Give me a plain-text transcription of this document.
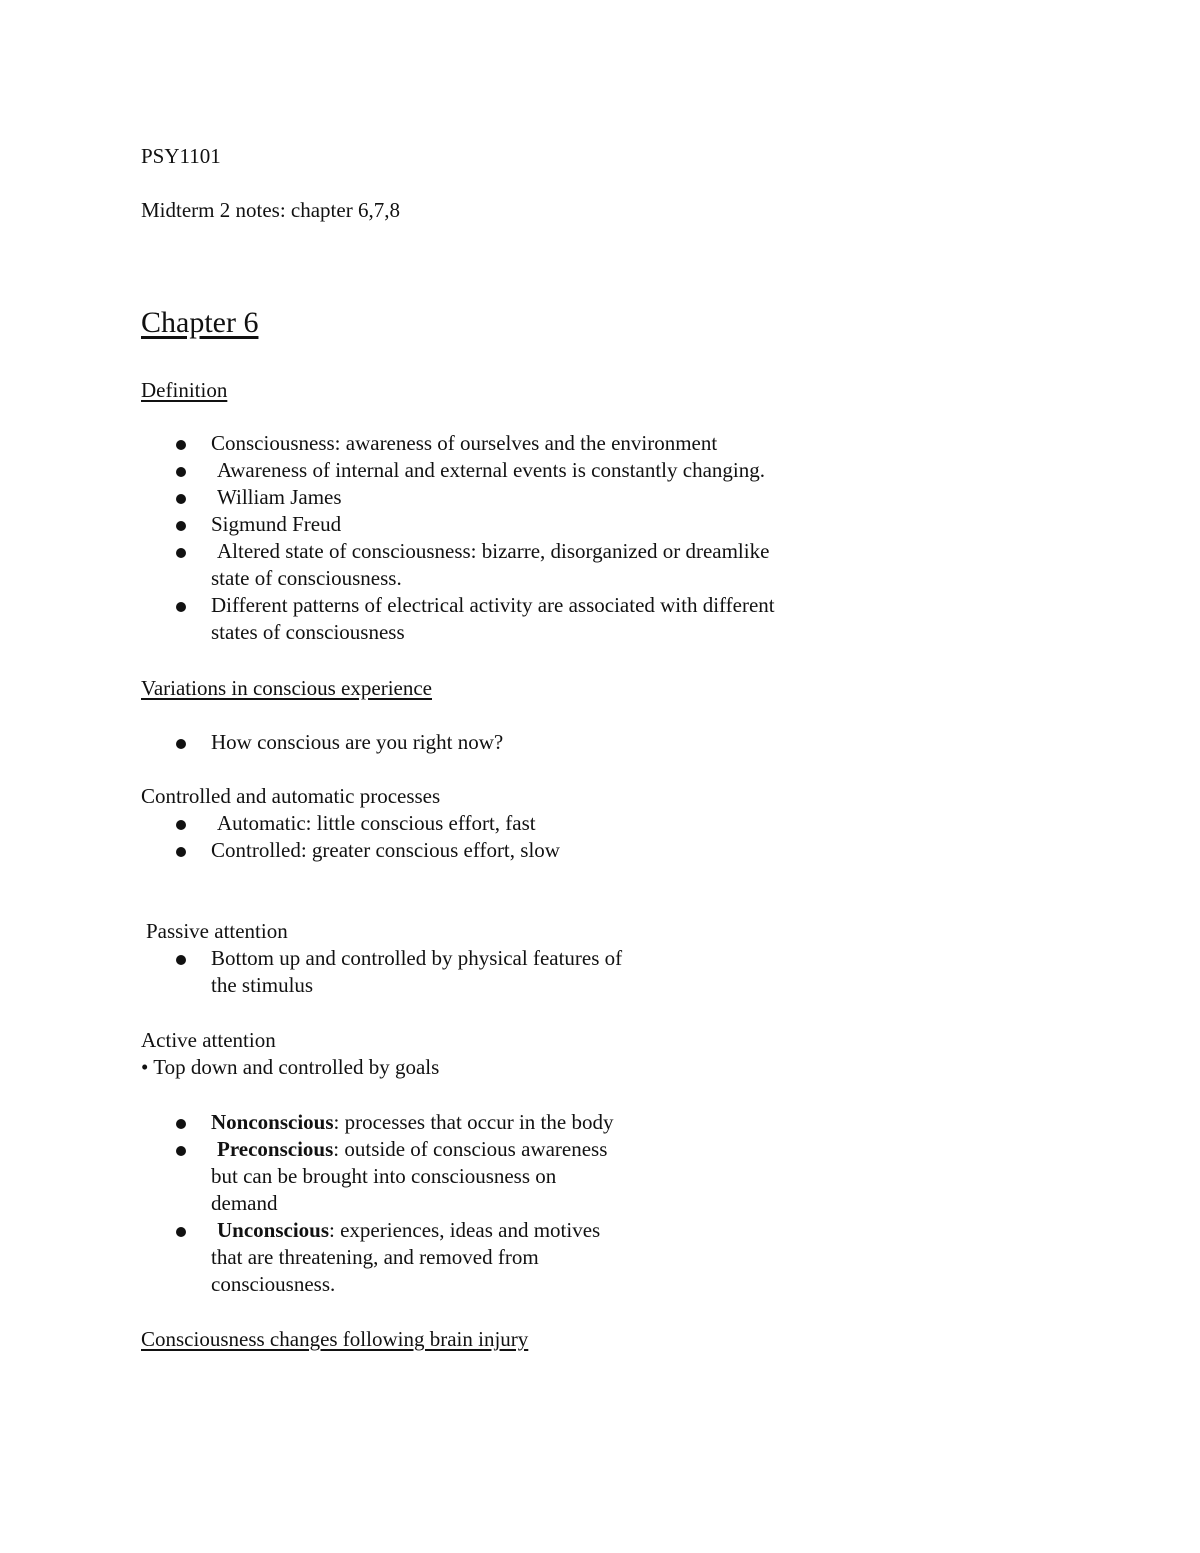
PSY1101

Midterm 2 notes: chapter 6,7,8

Chapter 6

Definition

Consciousness: awareness of ourselves and the environment
Awareness of internal and external events is constantly changing.
William James
Sigmund Freud
Altered state of consciousness: bizarre, disorganized or dreamlike
state of consciousness.
Different patterns of electrical activity are associated with different
states of consciousness

Variations in conscious experience

How conscious are you right now?

Controlled and automatic processes

Automatic: little conscious effort, fast
Controlled: greater conscious effort, slow

Passive attention

Bottom up and controlled by physical features of
the stimulus

Active attention

• Top down and controlled by goals

Nonconscious: processes that occur in the body
Preconscious: outside of conscious awareness
but can be brought into consciousness on
demand
Unconscious: experiences, ideas and motives
that are threatening, and removed from
consciousness.

Consciousness changes following brain injury
